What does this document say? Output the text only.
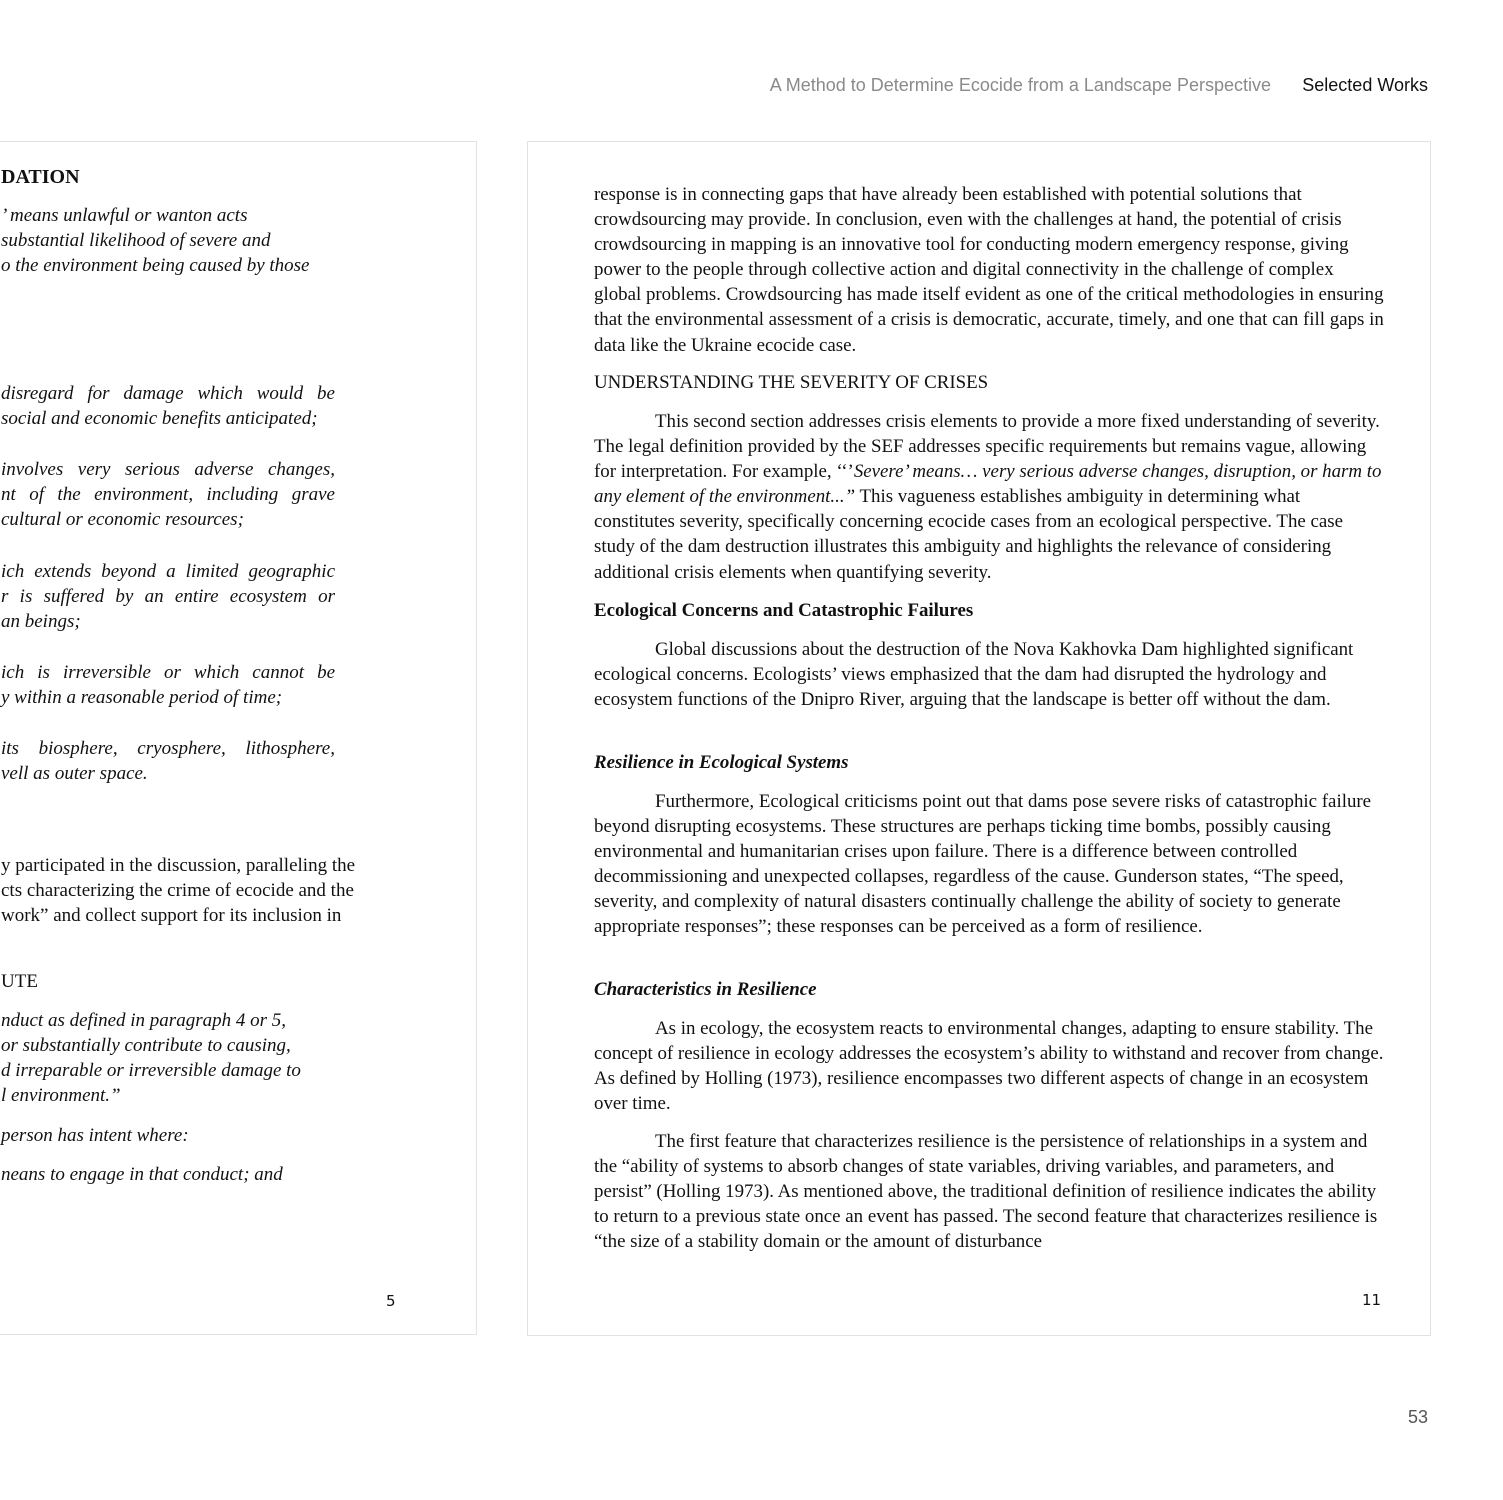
A Method to Determine Ecocide from a Landscape Perspective Selected Works
DATION
’ means unlawful or wanton acts
substantial likelihood of severe and
o the environment being caused by those
disregard for damage which would be
social and economic benefits anticipated;
involves very serious adverse changes,
nt of the environment, including grave
cultural or economic resources;
ich extends beyond a limited geographic
r is suffered by an entire ecosystem or
an beings;
ich is irreversible or which cannot be
y within a reasonable period of time;
its biosphere, cryosphere, lithosphere,
vell as outer space.
y participated in the discussion, paralleling the
cts characterizing the crime of ecocide and the
work” and collect support for its inclusion in
UTE
nduct as defined in paragraph 4 or 5,
or substantially contribute to causing,
d irreparable or irreversible damage to
l environment.”
person has intent where:
neans to engage in that conduct; and
5
response is in connecting gaps that have already been established with potential solutions that crowdsourcing may provide. In conclusion, even with the challenges at hand, the potential of crisis crowdsourcing in mapping is an innovative tool for conducting modern emergency response, giving power to the people through collective action and digital connectivity in the challenge of complex global problems. Crowdsourcing has made itself evident as one of the critical methodologies in ensuring that the environmental assessment of a crisis is democratic, accurate, timely, and one that can fill gaps in data like the Ukraine ecocide case.
UNDERSTANDING THE SEVERITY OF CRISES
This second section addresses crisis elements to provide a more fixed understanding of severity. The legal definition provided by the SEF addresses specific requirements but remains vague, allowing for interpretation. For example, ‘‘’Severe’ means… very serious adverse changes, disruption, or harm to any element of the environment...” This vagueness establishes ambiguity in determining what constitutes severity, specifically concerning ecocide cases from an ecological perspective. The case study of the dam destruction illustrates this ambiguity and highlights the relevance of considering additional crisis elements when quantifying severity.
Ecological Concerns and Catastrophic Failures
Global discussions about the destruction of the Nova Kakhovka Dam highlighted significant ecological concerns. Ecologists’ views emphasized that the dam had disrupted the hydrology and ecosystem functions of the Dnipro River, arguing that the landscape is better off without the dam.
Resilience in Ecological Systems
Furthermore, Ecological criticisms point out that dams pose severe risks of catastrophic failure beyond disrupting ecosystems. These structures are perhaps ticking time bombs, possibly causing environmental and humanitarian crises upon failure. There is a difference between controlled decommissioning and unexpected collapses, regardless of the cause. Gunderson states, “The speed, severity, and complexity of natural disasters continually challenge the ability of society to generate appropriate responses”; these responses can be perceived as a form of resilience.
Characteristics in Resilience
As in ecology, the ecosystem reacts to environmental changes, adapting to ensure stability. The concept of resilience in ecology addresses the ecosystem’s ability to withstand and recover from change. As defined by Holling (1973), resilience encompasses two different aspects of change in an ecosystem over time.
The first feature that characterizes resilience is the persistence of relationships in a system and the “ability of systems to absorb changes of state variables, driving variables, and parameters, and persist” (Holling 1973). As mentioned above, the traditional definition of resilience indicates the ability to return to a previous state once an event has passed. The second feature that characterizes resilience is “the size of a stability domain or the amount of disturbance
11
53
